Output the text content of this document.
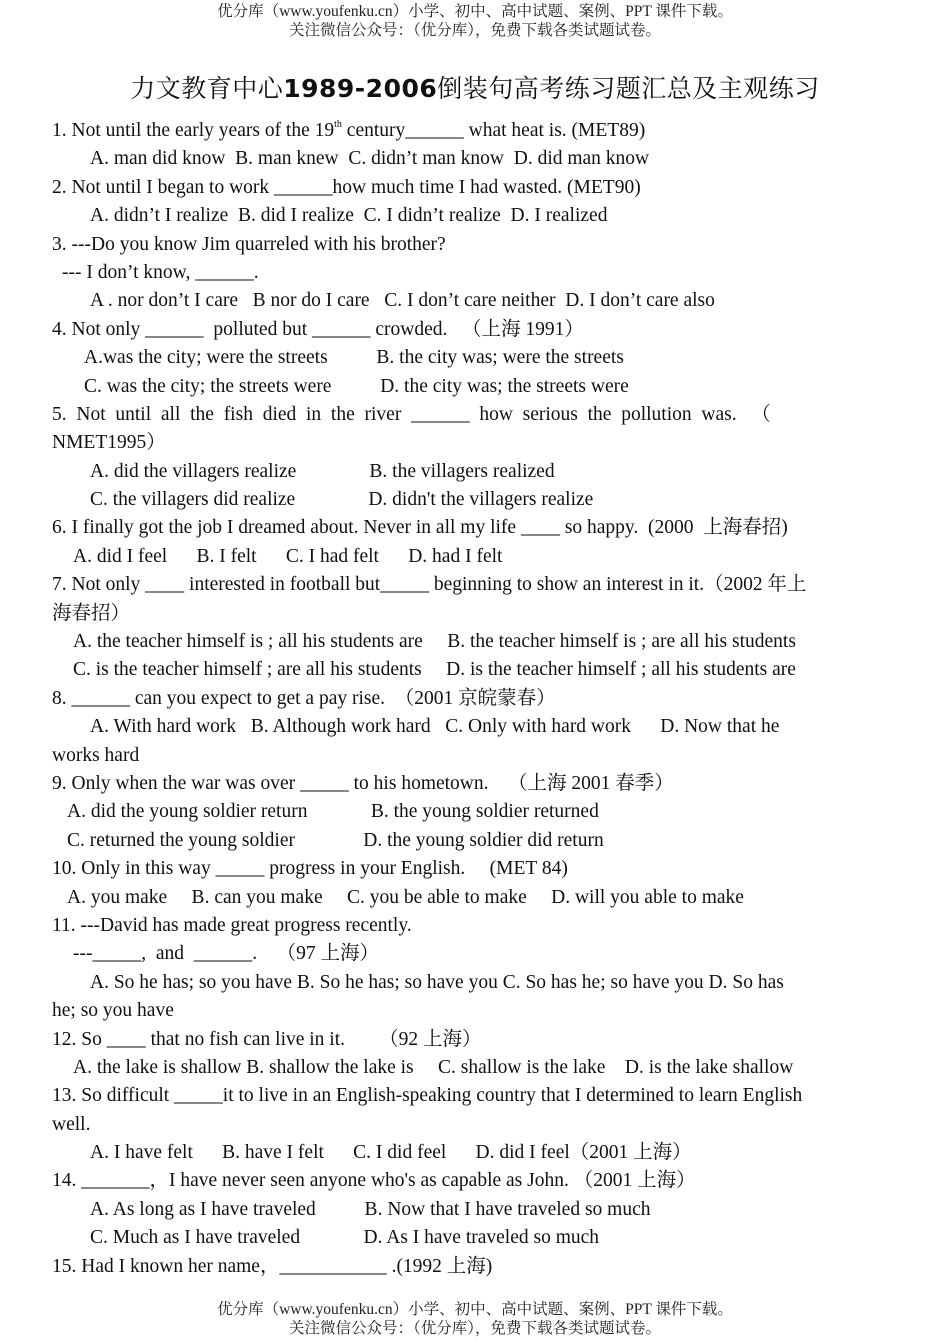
优分库（www.youfenku.cn）小学、初中、高中试题、案例、PPT 课件下载。
关注微信公众号：（优分库），免费下载各类试题试卷。
力文教育中心1989-2006倒装句高考练习题汇总及主观练习
1. Not until the early years of the 19th century______ what heat is. (MET89)
A. man did know  B. man knew  C. didn’t man know  D. did man know
2. Not until I began to work ______how much time I had wasted. (MET90)
A. didn’t I realize  B. did I realize  C. I didn’t realize  D. I realized
3. ---Do you know Jim quarreled with his brother?
--- I don’t know, ______.
A . nor don’t I care   B nor do I care   C. I don’t care neither  D. I don’t care also
4. Not only ______  polluted but ______ crowded.   （上海 1991）
A.was the city; were the streets          B. the city was; were the streets
C. was the city; the streets were          D. the city was; the streets were
5.  Not  until  all  the  fish  died  in  the  river  ______  how  serious  the  pollution  was.   （
NMET1995）
A. did the villagers realize               B. the villagers realized
C. the villagers did realize               D. didn't the villagers realize
6. I finally got the job I dreamed about. Never in all my life ____ so happy.  (2000  上海春招)
A. did I feel      B. I felt      C. I had felt      D. had I felt
7. Not only ____ interested in football but_____ beginning to show an interest in it.（2002 年上
海春招）
A. the teacher himself is ; all his students are     B. the teacher himself is ; are all his students
C. is the teacher himself ; are all his students     D. is the teacher himself ; all his students are
8. ______ can you expect to get a pay rise.  （2001 京皖蒙春）
A. With hard work   B. Although work hard   C. Only with hard work      D. Now that he
works hard
9. Only when the war was over _____ to his hometown.    （上海 2001 春季）
A. did the young soldier return             B. the young soldier returned
C. returned the young soldier              D. the young soldier did return
10. Only in this way _____ progress in your English.     (MET 84)
A. you make     B. can you make     C. you be able to make     D. will you able to make
11. ---David has made great progress recently.
---_____,  and  ______.    （97 上海）
A. So he has; so you have B. So he has; so have you C. So has he; so have you D. So has
he; so you have
12. So ____ that no fish can live in it.       （92 上海）
A. the lake is shallow B. shallow the lake is     C. shallow is the lake    D. is the lake shallow
13. So difficult _____it to live in an English-speaking country that I determined to learn English
well.
A. I have felt      B. have I felt      C. I did feel      D. did I feel（2001 上海）
14. _______，I have never seen anyone who's as capable as John. （2001 上海）
A. As long as I have traveled          B. Now that I have traveled so much
C. Much as I have traveled             D. As I have traveled so much
15. Had I known her name，___________ .(1992 上海)
优分库（www.youfenku.cn）小学、初中、高中试题、案例、PPT 课件下载。
关注微信公众号：（优分库），免费下载各类试题试卷。
